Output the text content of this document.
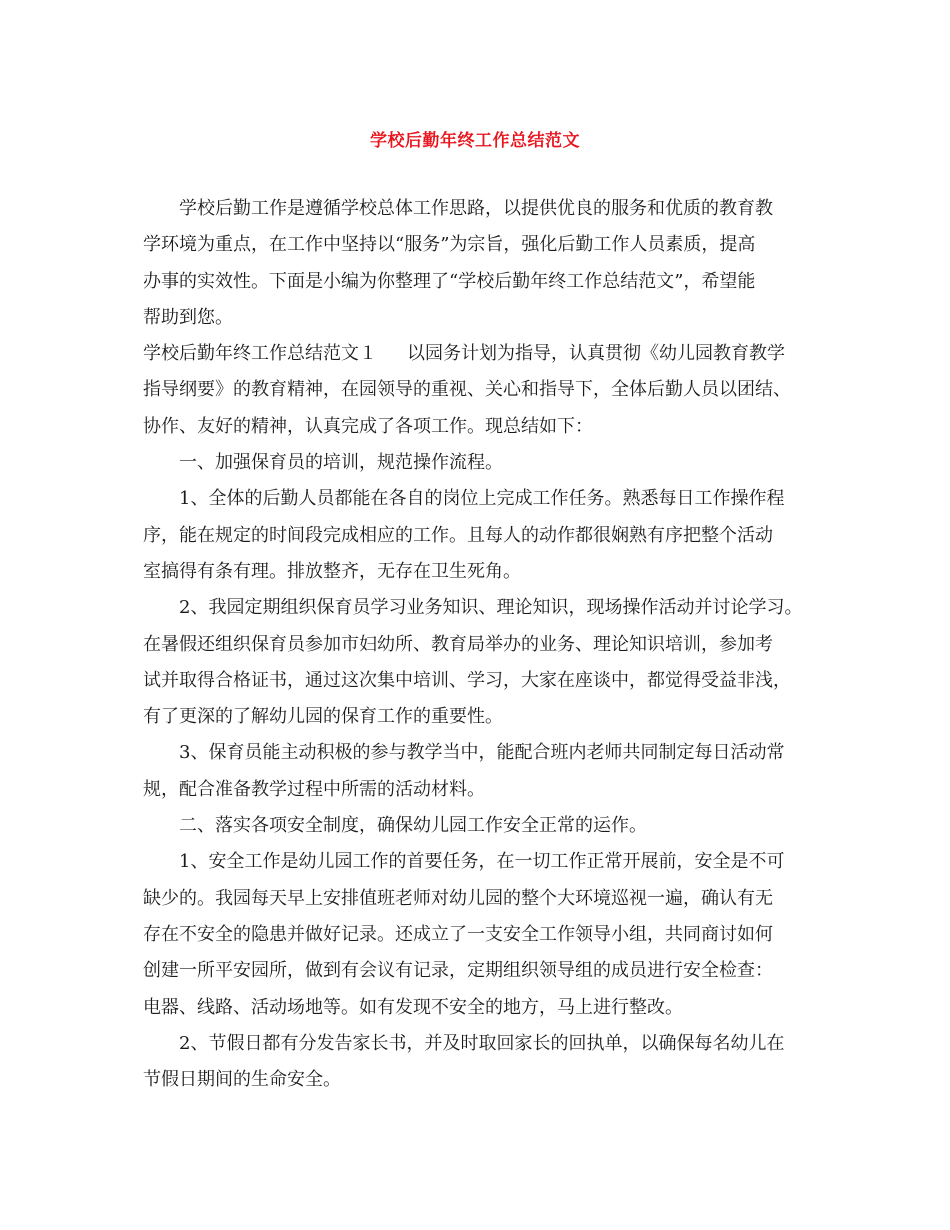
学校后勤年终工作总结范文
学校后勤工作是遵循学校总体工作思路，以提供优良的服务和优质的教育教
学环境为重点，在工作中坚持以“服务”为宗旨，强化后勤工作人员素质，提高
办事的实效性。下面是小编为你整理了“学校后勤年终工作总结范文”，希望能
帮助到您。
学校后勤年终工作总结范文１ 以园务计划为指导，认真贯彻《幼儿园教育教学
指导纲要》的教育精神，在园领导的重视、关心和指导下，全体后勤人员以团结、
协作、友好的精神，认真完成了各项工作。现总结如下：
一、加强保育员的培训，规范操作流程。
1、全体的后勤人员都能在各自的岗位上完成工作任务。熟悉每日工作操作程
序，能在规定的时间段完成相应的工作。且每人的动作都很娴熟有序把整个活动
室搞得有条有理。排放整齐，无存在卫生死角。
2、我园定期组织保育员学习业务知识、理论知识，现场操作活动并讨论学习。
在暑假还组织保育员参加市妇幼所、教育局举办的业务、理论知识培训，参加考
试并取得合格证书，通过这次集中培训、学习，大家在座谈中，都觉得受益非浅，
有了更深的了解幼儿园的保育工作的重要性。
3、保育员能主动积极的参与教学当中，能配合班内老师共同制定每日活动常
规，配合准备教学过程中所需的活动材料。
二、落实各项安全制度，确保幼儿园工作安全正常的运作。
1、安全工作是幼儿园工作的首要任务，在一切工作正常开展前，安全是不可
缺少的。我园每天早上安排值班老师对幼儿园的整个大环境巡视一遍，确认有无
存在不安全的隐患并做好记录。还成立了一支安全工作领导小组，共同商讨如何
创建一所平安园所，做到有会议有记录，定期组织领导组的成员进行安全检查：
电器、线路、活动场地等。如有发现不安全的地方，马上进行整改。
2、节假日都有分发告家长书，并及时取回家长的回执单，以确保每名幼儿在
节假日期间的生命安全。
